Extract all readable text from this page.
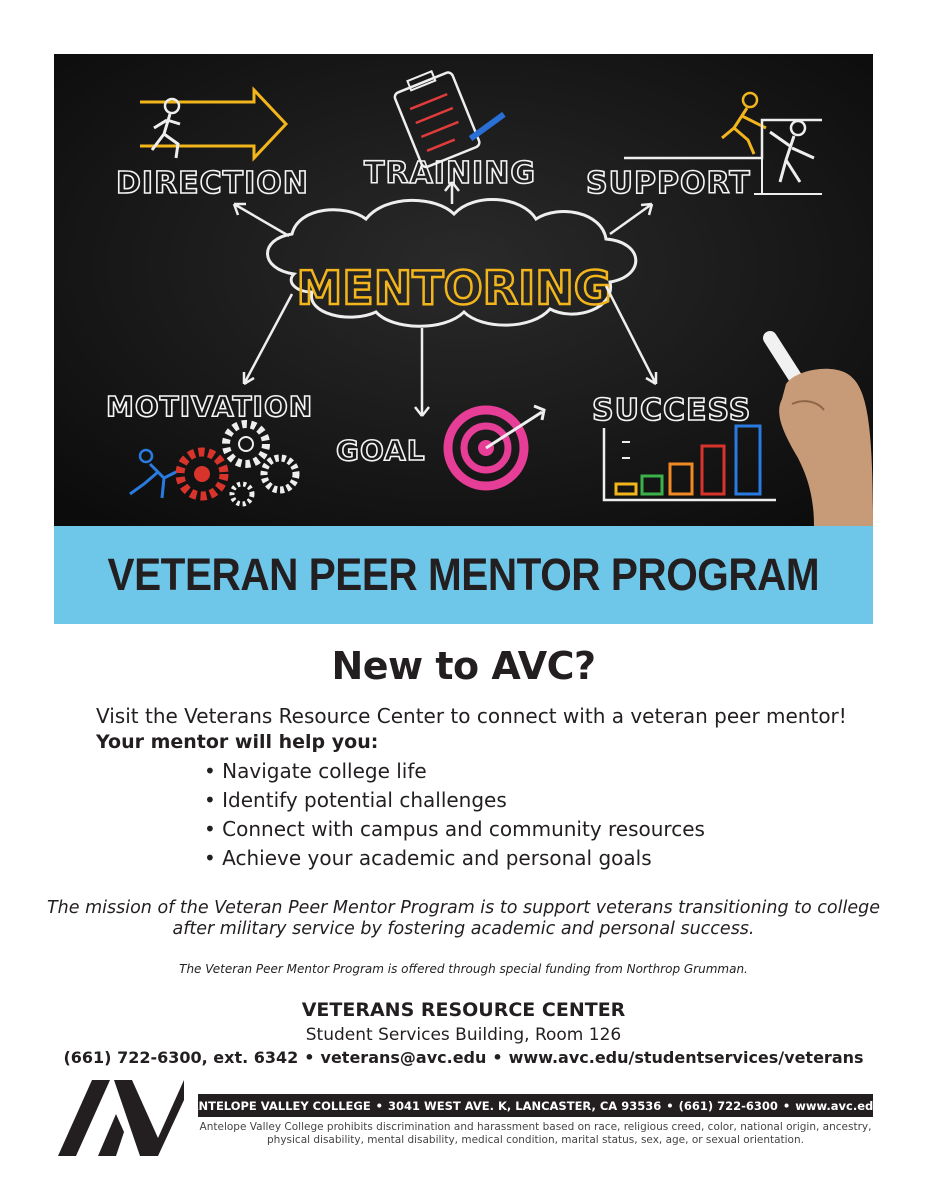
DIRECTION TRAINING SUPPORT
MENTORING
MOTIVATION
GOAL
SUCCESS
VETERAN PEER MENTOR PROGRAM
New to AVC?
Visit the Veterans Resource Center to connect with a veteran peer mentor!
Your mentor will help you:
• Navigate college life
• Identify potential challenges
• Connect with campus and community resources
• Achieve your academic and personal goals
The mission of the Veteran Peer Mentor Program is to support veterans transitioning to college after military service by fostering academic and personal success.
The Veteran Peer Mentor Program is offered through special funding from Northrop Grumman.
VETERANS RESOURCE CENTER
Student Services Building, Room 126
(661) 722-6300, ext. 6342 • veterans@avc.edu • www.avc.edu/studentservices/veterans
ANTELOPE VALLEY COLLEGE • 3041 WEST AVE. K, LANCASTER, CA 93536 • (661) 722-6300 • www.avc.edu
Antelope Valley College prohibits discrimination and harassment based on race, religious creed, color, national origin, ancestry, physical disability, mental disability, medical condition, marital status, sex, age, or sexual orientation.
